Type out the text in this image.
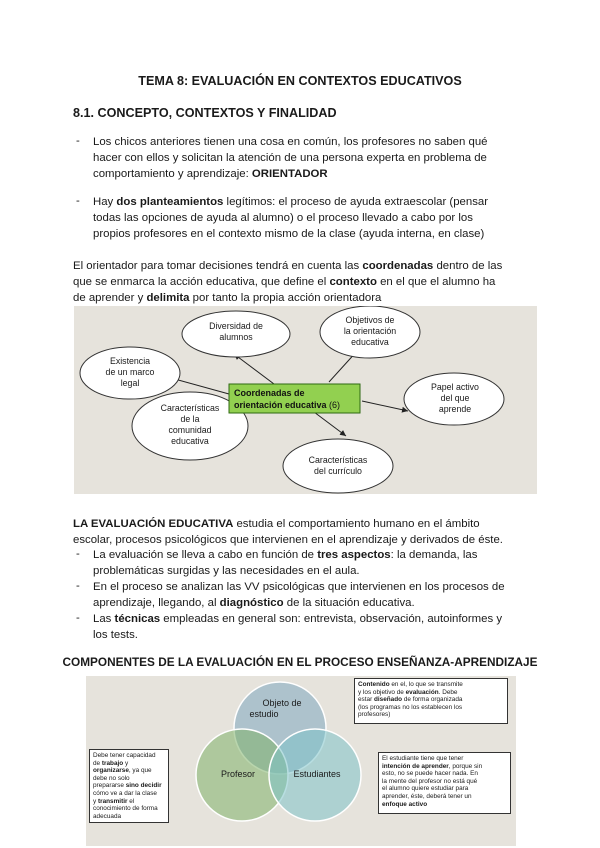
TEMA 8: EVALUACIÓN EN CONTEXTOS EDUCATIVOS
8.1. CONCEPTO, CONTEXTOS Y FINALIDAD
- Los chicos anteriores tienen una cosa en común, los profesores no saben qué
hacer con ellos y solicitan la atención de una persona experta en problema de
comportamiento y aprendizaje: ORIENTADOR
- Hay dos planteamientos legítimos: el proceso de ayuda extraescolar (pensar
todas las opciones de ayuda al alumno) o el proceso llevado a cabo por los
propios profesores en el contexto mismo de la clase (ayuda interna, en clase)
El orientador para tomar decisiones tendrá en cuenta las coordenadas dentro de las
que se enmarca la acción educativa, que define el contexto en el que el alumno ha
de aprender y delimita por tanto la propia acción orientadora
Diversidad de
alumnos
Objetivos de
la orientación
educativa
Existencia
de un marco
legal	Papel activo
del que
aprende
Características
de la
comunidad
educativa
Características
del currículo
Coordenadas de
orientación educativa (6)
LA EVALUACIÓN EDUCATIVA estudia el comportamiento humano en el ámbito
escolar, procesos psicológicos que intervienen en el aprendizaje y derivados de éste.
- La evaluación se lleva a cabo en función de tres aspectos: la demanda, las
problemáticas surgidas y las necesidades en el aula.
- En el proceso se analizan las VV psicológicas que intervienen en los procesos de
aprendizaje, llegando, al diagnóstico de la situación educativa.
- Las técnicas empleadas en general son: entrevista, observación, autoinformes y
los tests.
COMPONENTES DE LA EVALUACIÓN EN EL PROCESO ENSEÑANZA-APRENDIZAJE
Objeto de
estudio
Profesor	Estudiantes
Contenido en el, lo que se transmite
y los objetivo de evaluación. Debe
estar diseñado de forma organizada
(los programas no los establecen los
profesores)
Debe tener capacidad
de trabajo y
organizarse, ya que
debe no solo
prepararse sino decidir
cómo ve a dar la clase
y transmitir el
conocimiento de forma
adecuada
El estudiante tiene que tener
intención de aprender, porque sin
esto, no se puede hacer nada. En
la mente del profesor no está qué
el alumno quiere estudiar para
aprender, éste, deberá tener un
enfoque activo
